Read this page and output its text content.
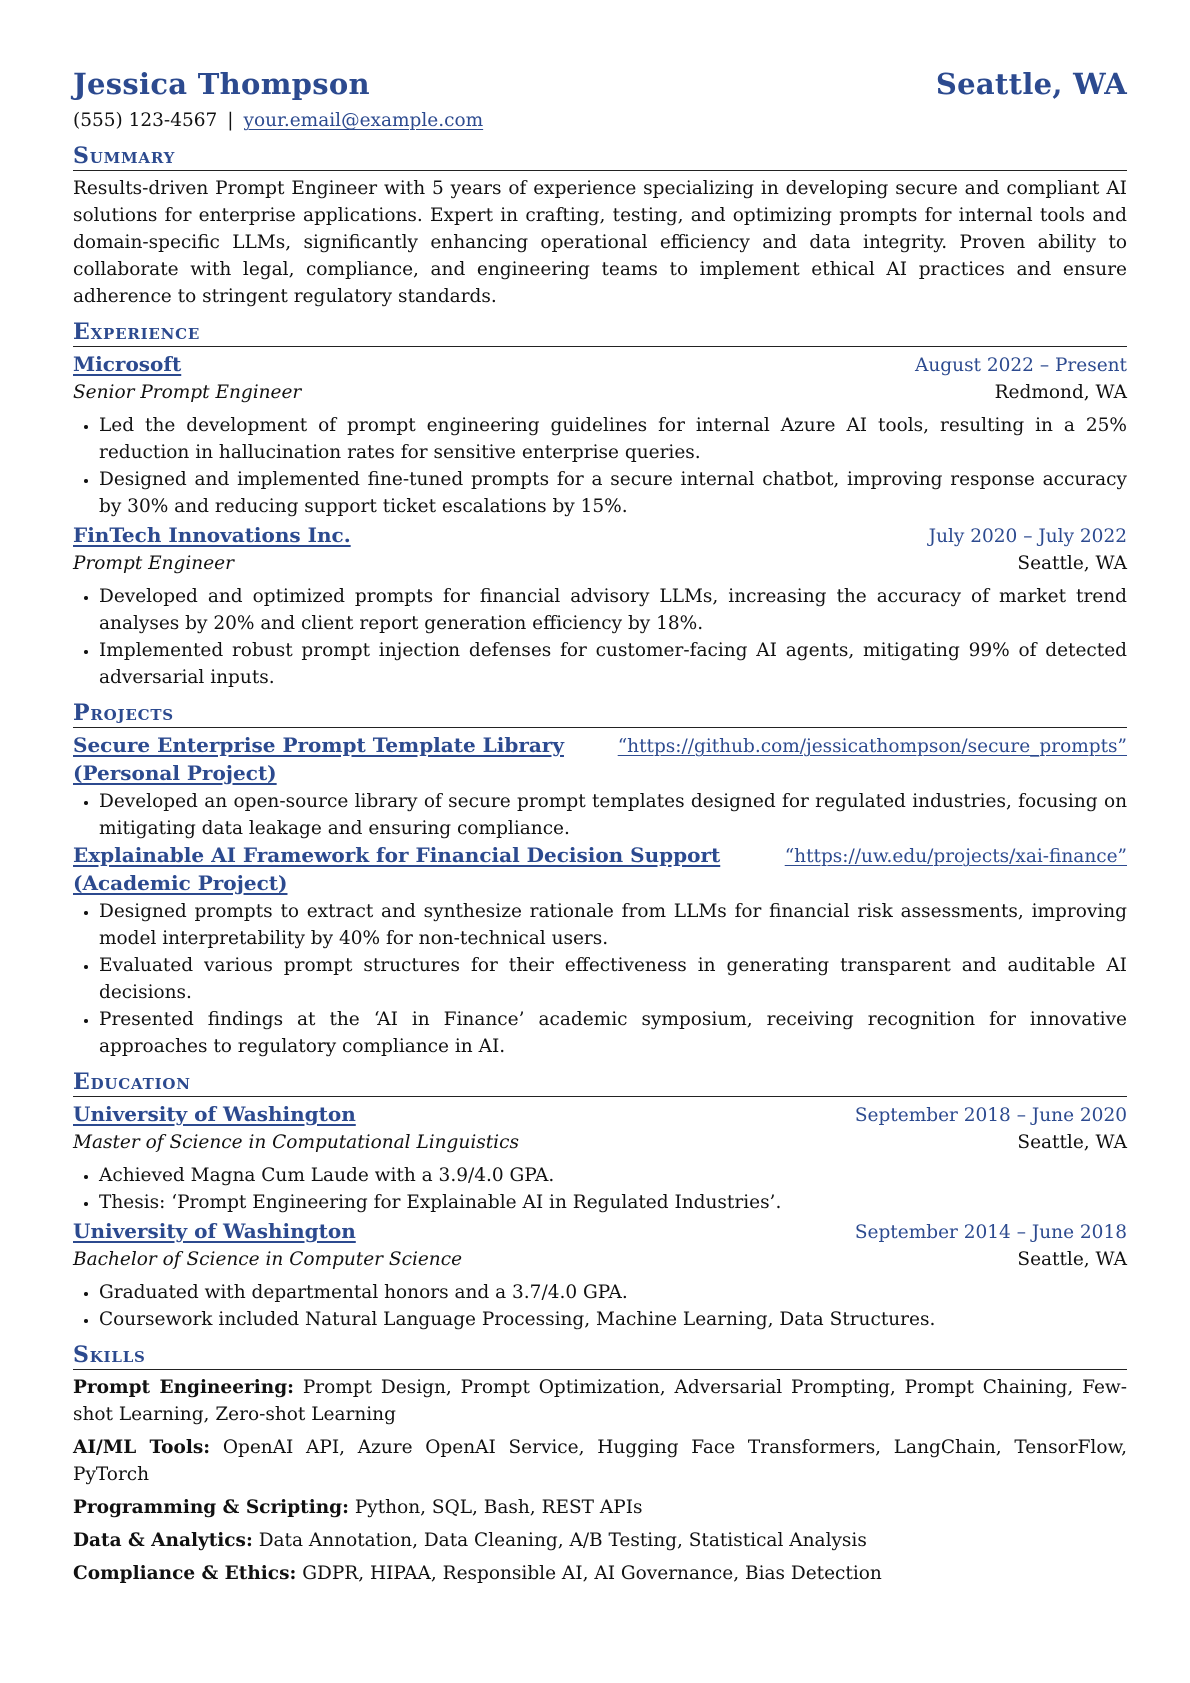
Jessica Thompson	Seattle, WA
(555) 123-4567 | your.email@example.com
Summary
Results-driven Prompt Engineer with 5 years of experience specializing in developing secure and compliant AI solutions for enterprise applications. Expert in crafting, testing, and optimizing prompts for internal tools and domain-specific LLMs, significantly enhancing operational efficiency and data integrity. Proven ability to collaborate with legal, compliance, and engineering teams to implement ethical AI practices and ensure adherence to stringent regulatory standards.
Experience
Microsoft	August 2022 – Present
Senior Prompt Engineer	Redmond, WA
• Led the development of prompt engineering guidelines for internal Azure AI tools, resulting in a 25% reduction in hallucination rates for sensitive enterprise queries.
• Designed and implemented fine-tuned prompts for a secure internal chatbot, improving response accuracy by 30% and reducing support ticket escalations by 15%.
FinTech Innovations Inc.	July 2020 – July 2022
Prompt Engineer	Seattle, WA
• Developed and optimized prompts for financial advisory LLMs, increasing the accuracy of market trend analyses by 20% and client report generation efficiency by 18%.
• Implemented robust prompt injection defenses for customer-facing AI agents, mitigating 99% of detected adversarial inputs.
Projects
Secure Enterprise Prompt Template Library	“https://github.com/jessicathompson/secure_prompts”
(Personal Project)
• Developed an open-source library of secure prompt templates designed for regulated industries, focusing on mitigating data leakage and ensuring compliance.
Explainable AI Framework for Financial Decision Support	“https://uw.edu/projects/xai-finance”
(Academic Project)
• Designed prompts to extract and synthesize rationale from LLMs for financial risk assessments, improving model interpretability by 40% for non-technical users.
• Evaluated various prompt structures for their effectiveness in generating transparent and auditable AI decisions.
• Presented findings at the ‘AI in Finance’ academic symposium, receiving recognition for innovative approaches to regulatory compliance in AI.
Education
University of Washington	September 2018 – June 2020
Master of Science in Computational Linguistics	Seattle, WA
• Achieved Magna Cum Laude with a 3.9/4.0 GPA.
• Thesis: ‘Prompt Engineering for Explainable AI in Regulated Industries’.
University of Washington	September 2014 – June 2018
Bachelor of Science in Computer Science	Seattle, WA
• Graduated with departmental honors and a 3.7/4.0 GPA.
• Coursework included Natural Language Processing, Machine Learning, Data Structures.
Skills
Prompt Engineering: Prompt Design, Prompt Optimization, Adversarial Prompting, Prompt Chaining, Few-shot Learning, Zero-shot Learning
AI/ML Tools: OpenAI API, Azure OpenAI Service, Hugging Face Transformers, LangChain, TensorFlow, PyTorch
Programming & Scripting: Python, SQL, Bash, REST APIs
Data & Analytics: Data Annotation, Data Cleaning, A/B Testing, Statistical Analysis
Compliance & Ethics: GDPR, HIPAA, Responsible AI, AI Governance, Bias Detection
